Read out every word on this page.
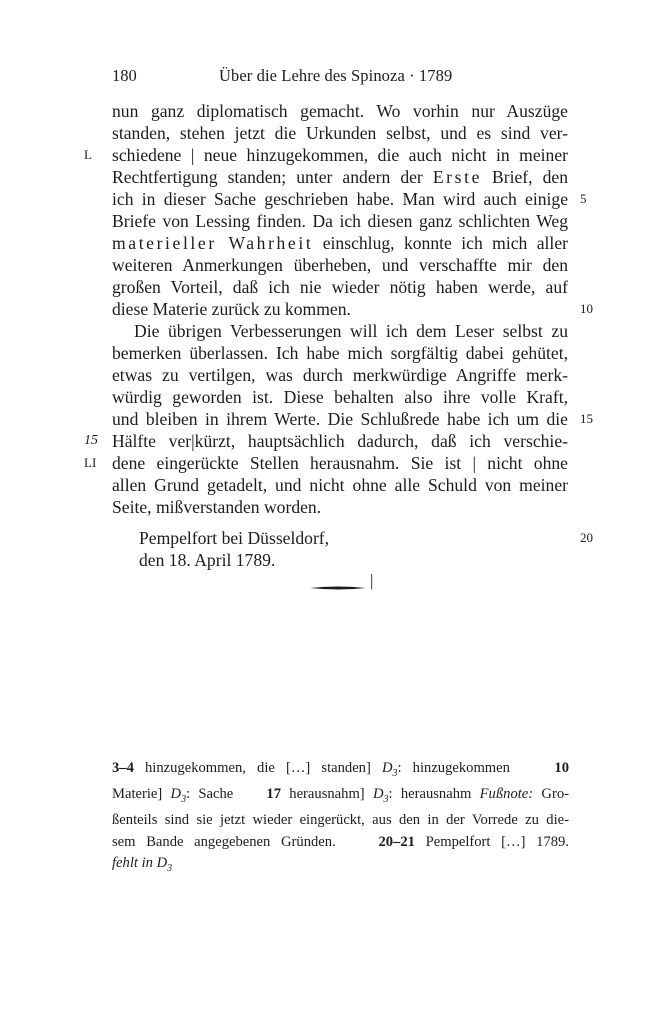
180	Über die Lehre des Spinoza · 1789
nun ganz diplomatisch gemacht. Wo vorhin nur Auszüge
standen, stehen jetzt die Urkunden selbst, und es sind ver-
schiedene | neue hinzugekommen, die auch nicht in meiner
L
Rechtfertigung standen; unter andern der Erste Brief, den
ich in dieser Sache geschrieben habe. Man wird auch einige 5
Briefe von Lessing finden. Da ich diesen ganz schlichten Weg
materieller Wahrheit einschlug, konnte ich mich aller
weiteren Anmerkungen überheben, und verschaffte mir den
großen Vorteil, daß ich nie wieder nötig haben werde, auf
diese Materie zurück zu kommen.	10
Die übrigen Verbesserungen will ich dem Leser selbst zu
bemerken überlassen. Ich habe mich sorgfältig dabei gehütet,
etwas zu vertilgen, was durch merkwürdige Angriffe merk-
würdig geworden ist. Diese behalten also ihre volle Kraft,
und bleiben in ihrem Werte. Die Schlußrede habe ich um die 15
Hälfte ver|kürzt, hauptsächlich dadurch, daß ich verschie-
15
dene eingerückte Stellen herausnahm. Sie ist | nicht ohne
LI
allen Grund getadelt, und nicht ohne alle Schuld von meiner
Seite, mißverstanden worden.
Pempelfort bei Düsseldorf,	20
den 18. April 1789.
|
3–4 hinzugekommen, die […] standen] $D_3$: hinzugekommen    10
Materie] $D_3$: Sache    17 herausnahm] $D_3$: herausnahm Fußnote: Gro-
ßenteils sind sie jetzt wieder eingerückt, aus den in der Vorrede zu die-
sem Bande angegebenen Gründen.    20–21 Pempelfort […] 1789.
fehlt in $D_3$
